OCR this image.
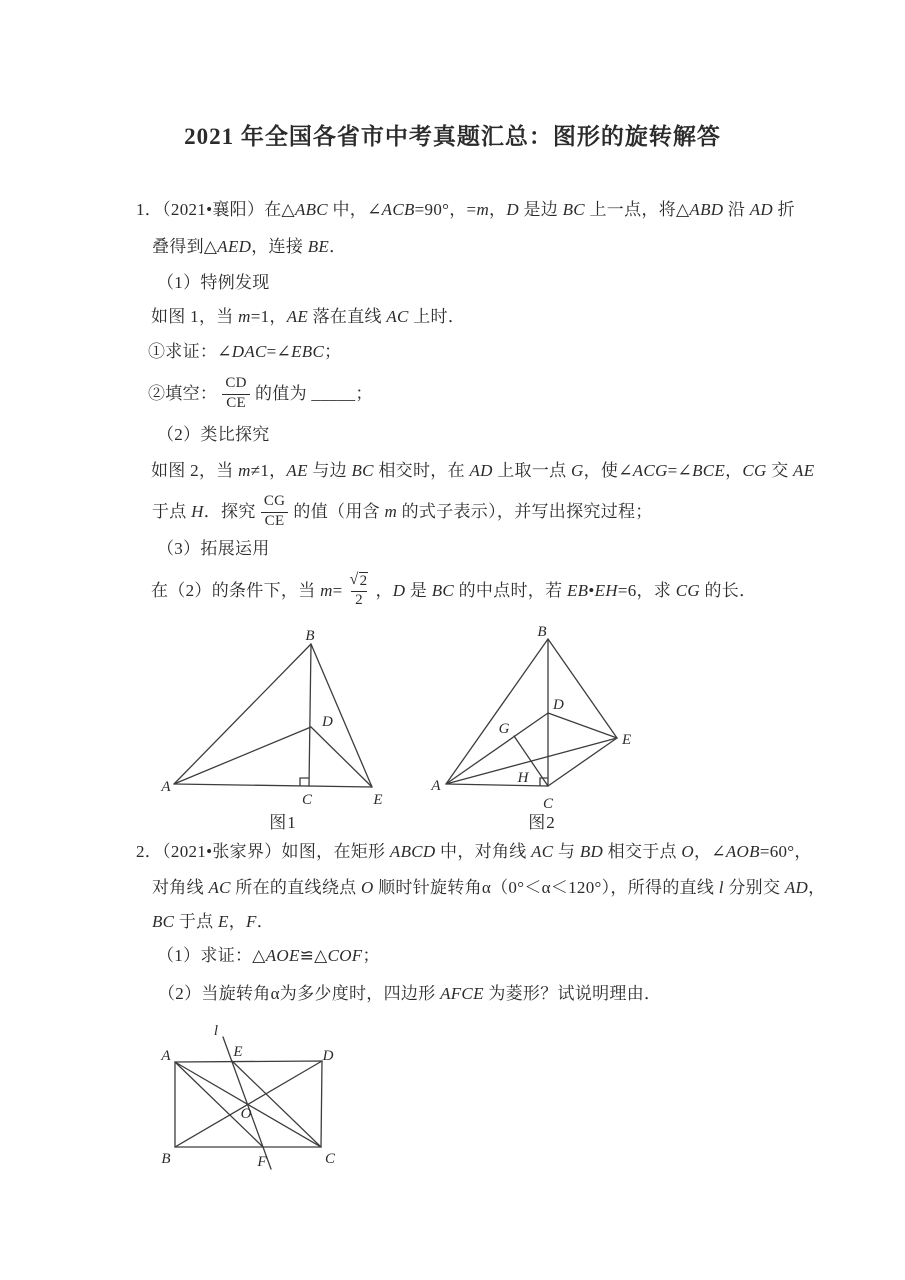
2021 年全国各省市中考真题汇总：图形的旋转解答
1．（2021•襄阳）在△ABC 中，∠ACB=90°，=m，D 是边 BC 上一点，将△ABD 沿 AD 折
叠得到△AED，连接 BE．
（1）特例发现
如图 1，当 m=1，AE 落在直线 AC 上时．
①求证：∠DAC=∠EBC；
②填空： $\frac{CD}{CE}$ 的值为 _____；
（2）类比探究
如图 2，当 m≠1，AE 与边 BC 相交时，在 AD 上取一点 G，使∠ACG=∠BCE，CG 交 AE
于点 H．探究 $\frac{CG}{CE}$ 的值（用含 m 的式子表示），并写出探究过程；
（3）拓展运用
在（2）的条件下，当 $m= \frac{√ 2}{2}$ ，D 是 BC 的中点时，若 EB•EH=6，求 CG 的长．
A
B
C
D
E
A
B
C
D
E
G
H
图1	图2
2．（2021•张家界）如图，在矩形 ABCD 中，对角线 AC 与 BD 相交于点 O，∠AOB=60°，
对角线 AC 所在的直线绕点 O 顺时针旋转角α（0°＜α＜120°），所得的直线 l 分别交 AD，
BC 于点 E，F．
（1）求证：△AOE≌△COF；
（2）当旋转角α为多少度时，四边形 AFCE 为菱形？试说明理由．
l
A	E	D
O
B	F	C
